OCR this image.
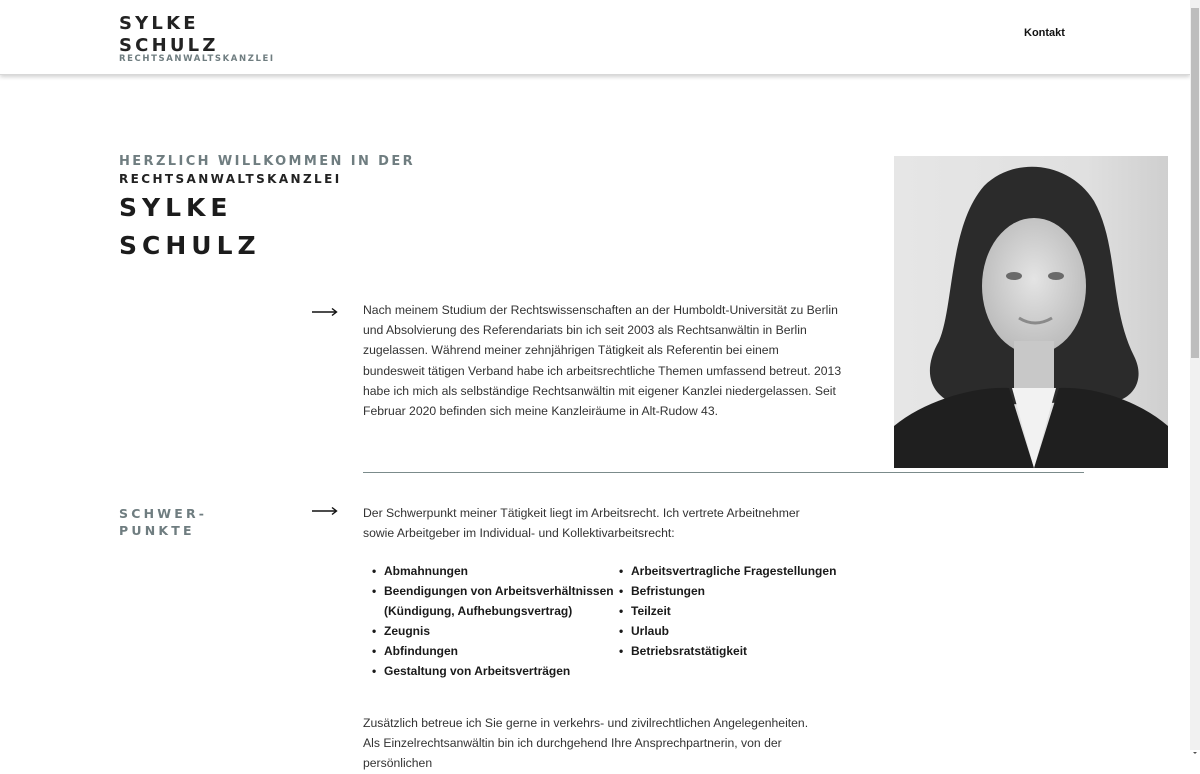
SYLKE
SCHULZ
RECHTSANWALTSKANZLEI
Kontakt
HERZLICH WILLKOMMEN IN DER
RECHTSANWALTSKANZLEI
SYLKE
SCHULZ

Nach meinem Studium der Rechtswissenschaften an der Humboldt-Universität zu Berlin und Absolvierung des Referendariats bin ich seit 2003 als Rechtsanwältin in Berlin zugelassen. Während meiner zehnjährigen Tätigkeit als Referentin bei einem bundesweit tätigen Verband habe ich arbeitsrechtliche Themen umfassend betreut. 2013 habe ich mich als selbständige Rechtsanwältin mit eigener Kanzlei niedergelassen. Seit Februar 2020 befinden sich meine Kanzleiräume in Alt-Rudow 43.

SCHWER-
PUNKTE

Der Schwerpunkt meiner Tätigkeit liegt im Arbeitsrecht. Ich vertrete Arbeitnehmer sowie Arbeitgeber im Individual- und Kollektivarbeitsrecht:

• Abmahnungen
• Beendigungen von Arbeitsverhältnissen (Kündigung, Aufhebungsvertrag)
• Zeugnis
• Abfindungen
• Gestaltung von Arbeitsverträgen
• Arbeitsvertragliche Fragestellungen
• Befristungen
• Teilzeit
• Urlaub
• Betriebsratstätigkeit
Zusätzlich betreue ich Sie gerne in verkehrs- und zivilrechtlichen Angelegenheiten.
Als Einzelrechtsanwältin bin ich durchgehend Ihre Ansprechpartnerin, von der persönlichen
